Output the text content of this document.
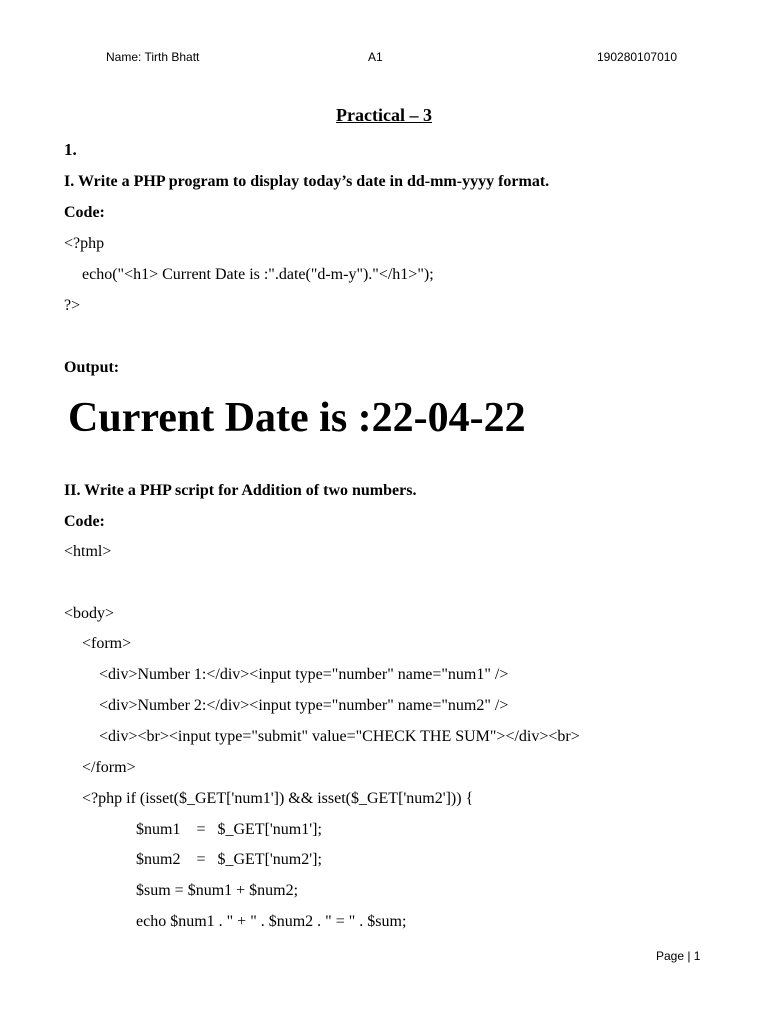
Name: Tirth Bhatt	A1	190280107010
Practical – 3
1.
I. Write a PHP program to display today’s date in dd-mm-yyyy format.
Code:
<?php
echo("<h1> Current Date is :".date("d-m-y")."</h1>");
?>
Output:
Current Date is :22-04-22
II. Write a PHP script for Addition of two numbers.
Code:
<html>
<body>
<form>
<div>Number 1:</div><input type="number" name="num1" />
<div>Number 2:</div><input type="number" name="num2" />
<div><br><input type="submit" value="CHECK THE SUM"></div><br>
</form>
<?php if (isset($_GET['num1']) && isset($_GET['num2'])) {
$num1    =   $_GET['num1'];
$num2    =   $_GET['num2'];
$sum = $num1 + $num2;
echo $num1 . " + " . $num2 . " = " . $sum;
Page | 1
